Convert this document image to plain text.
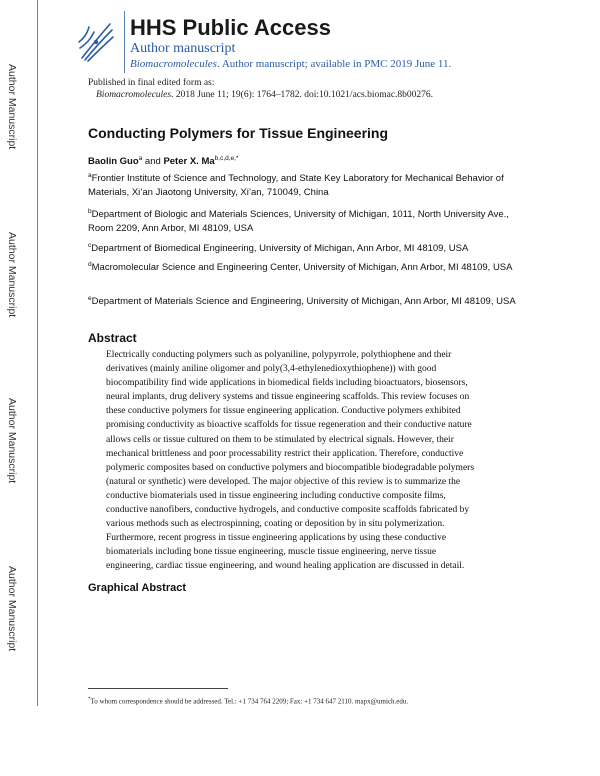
Author Manuscript
Author Manuscript
Author Manuscript
Author Manuscript
HHS Public Access
Author manuscript
Biomacromolecules. Author manuscript; available in PMC 2019 June 11.
Published in final edited form as:
Biomacromolecules. 2018 June 11; 19(6): 1764–1782. doi:10.1021/acs.biomac.8b00276.
Conducting Polymers for Tissue Engineering
Baolin Guo$^a$ and Peter X. $Ma^{b,c,d,e,*}$
$^a$Frontier Institute of Science and Technology, and State Key Laboratory for Mechanical Behavior of Materials, Xi’an Jiaotong University, Xi’an, 710049, China
$^b$Department of Biologic and Materials Sciences, University of Michigan, 1011, North University Ave., Room 2209, Ann Arbor, MI 48109, USA
$^c$Department of Biomedical Engineering, University of Michigan, Ann Arbor, MI 48109, USA
$^d$Macromolecular Science and Engineering Center, University of Michigan, Ann Arbor, MI 48109, USA
$^e$Department of Materials Science and Engineering, University of Michigan, Ann Arbor, MI 48109, USA
Abstract
Electrically conducting polymers such as polyaniline, polypyrrole, polythiophene and their
derivatives (mainly aniline oligomer and poly(3,4-ethylenedioxythiophene)) with good
biocompatibility find wide applications in biomedical fields including bioactuators, biosensors,
neural implants, drug delivery systems and tissue engineering scaffolds. This review focuses on
these conductive polymers for tissue engineering application. Conductive polymers exhibited
promising conductivity as bioactive scaffolds for tissue regeneration and their conductive nature
allows cells or tissue cultured on them to be stimulated by electrical signals. However, their
mechanical brittleness and poor processability restrict their application. Therefore, conductive
polymeric composites based on conductive polymers and biocompatible biodegradable polymers
(natural or synthetic) were developed. The major objective of this review is to summarize the
conductive biomaterials used in tissue engineering including conductive composite films,
conductive nanofibers, conductive hydrogels, and conductive composite scaffolds fabricated by
various methods such as electrospinning, coating or deposition by in situ polymerization.
Furthermore, recent progress in tissue engineering applications by using these conductive
biomaterials including bone tissue engineering, muscle tissue engineering, nerve tissue
engineering, cardiac tissue engineering, and wound healing application are discussed in detail.
Graphical Abstract
*To whom correspondence should be addressed. Tel.: +1 734 764 2209; Fax: +1 734 647 2110. mapx@umich.edu.
